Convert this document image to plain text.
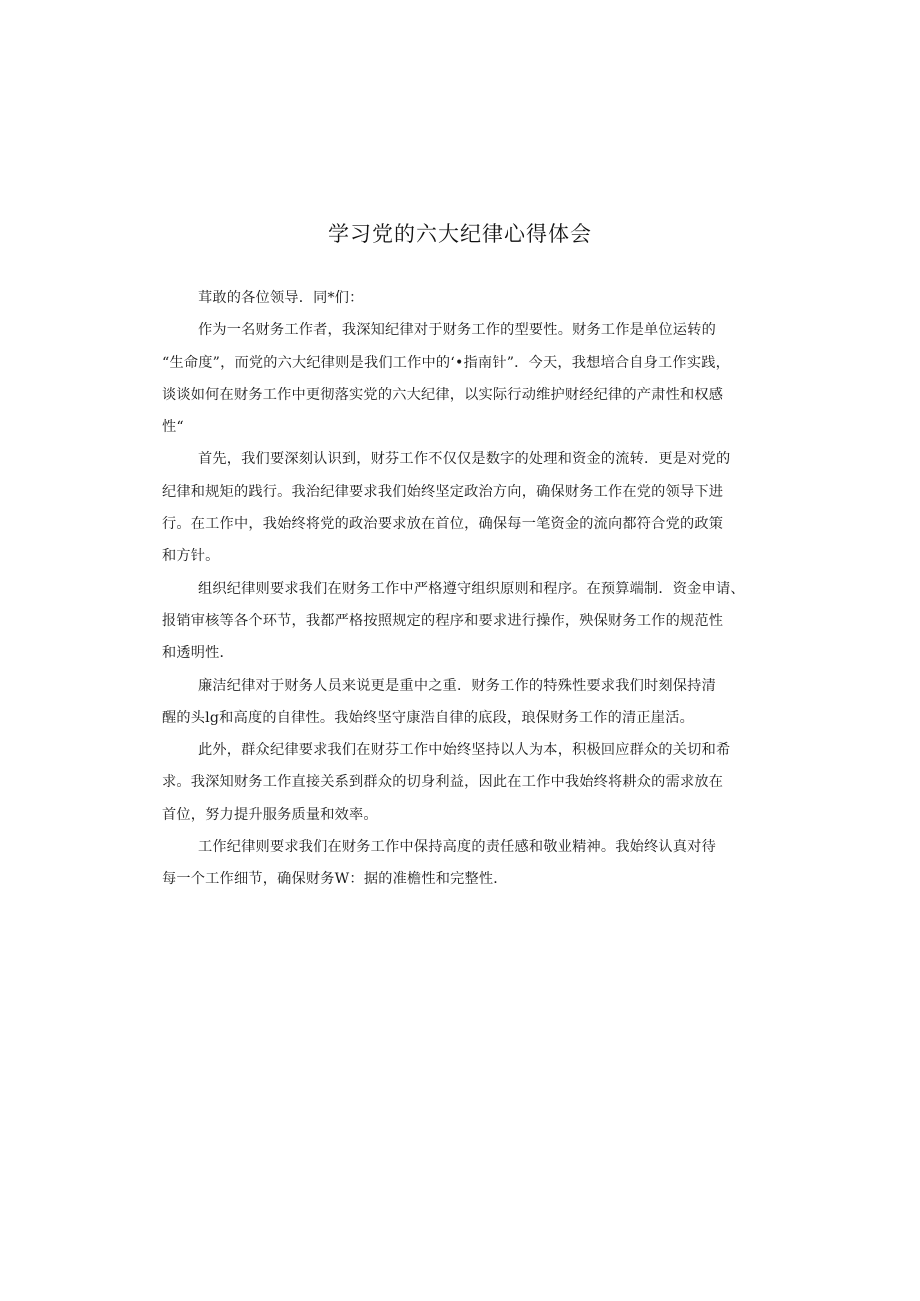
学习党的六大纪律心得体会
茸敢的各位领导．同*们：
作为一名财务工作者，我深知纪律对于财务工作的型要性。财务工作是单位运转的
“生命度”，而党的六大纪律则是我们工作中的‘•指南针”．今天，我想培合自身工作实践，
谈谈如何在财务工作中更彻落实党的六大纪律，以实际行动维护财经纪律的产肃性和权感
性“
首先，我们要深刻认识到，财芬工作不仅仅是数字的处理和资金的流转．更是对党的
纪律和规矩的践行。我治纪律要求我们始终坚定政治方向，确保财务工作在党的领导下进
行。在工作中，我始终将党的政治要求放在首位，确保每一笔资金的流向都符合党的政策
和方针。
组织纪律则要求我们在财务工作中严格遵守组织原则和程序。在预算端制．资金申请、
报销审核等各个环节，我都严格按照规定的程序和要求进行操作，殃保财务工作的规范性
和透明性．
廉洁纪律对于财务人员来说更是重中之重．财务工作的特殊性要求我们时刻保持清
醒的头lg和高度的自律性。我始终坚守康浩自律的底段，琅保财务工作的清正崖活。
此外，群众纪律要求我们在财芬工作中始终坚持以人为本，积极回应群众的关切和希
求。我深知财务工作直接关系到群众的切身利益，因此在工作中我始终将耕众的需求放在
首位，努力提升服务质量和效率。
工作纪律则要求我们在财务工作中保持高度的责任感和敬业精神。我始终认真对待
每一个工作细节，确保财务W：据的准檐性和完整性．
